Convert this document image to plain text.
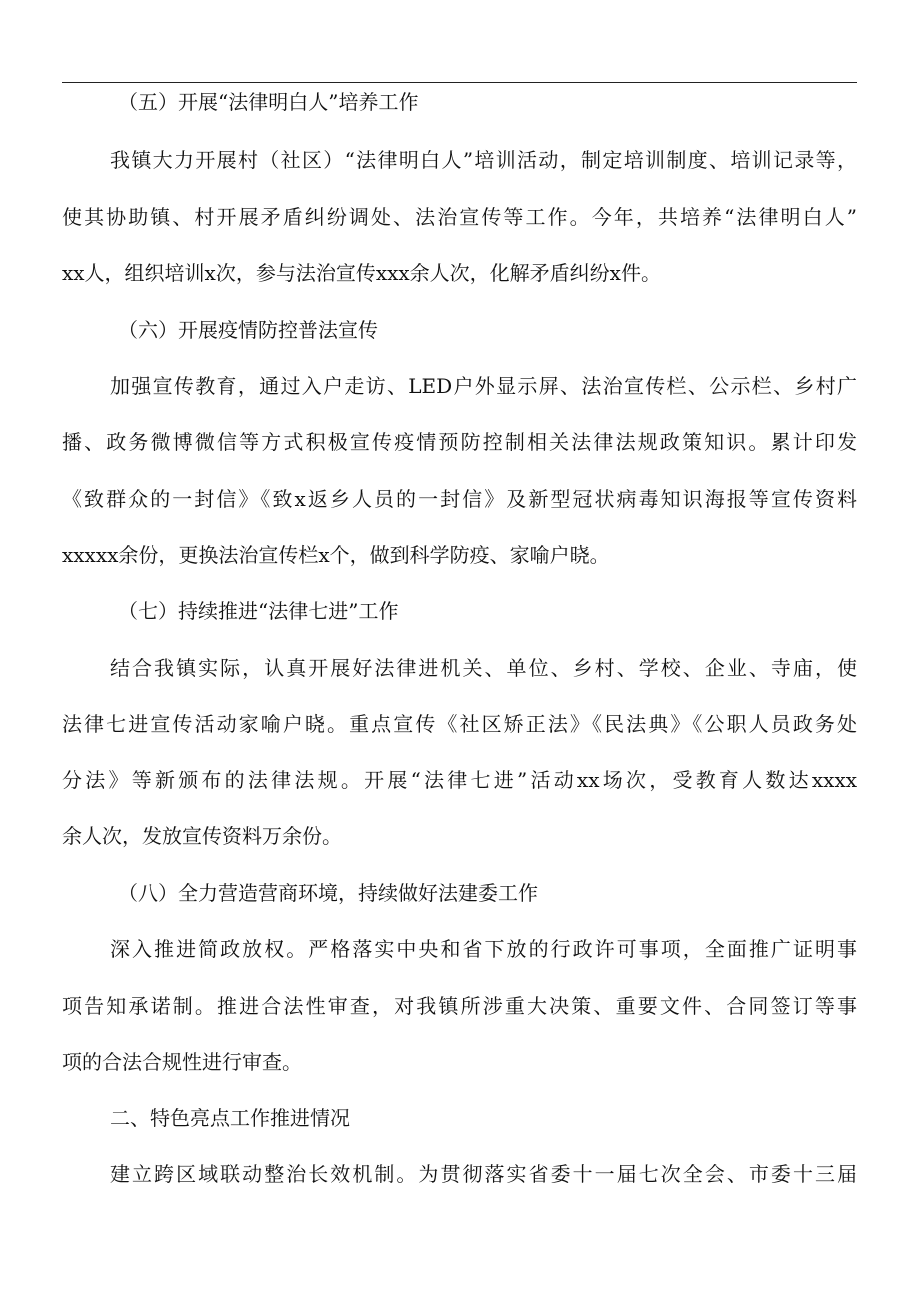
（五）开展“法律明白人”培养工作
我镇大力开展村（社区）“法律明白人”培训活动，制定培训制度、培训记录等，
使其协助镇、村开展矛盾纠纷调处、法治宣传等工作。今年，共培养“法律明白人”
xx人，组织培训x次，参与法治宣传xxx余人次，化解矛盾纠纷x件。
（六）开展疫情防控普法宣传
加强宣传教育，通过入户走访、LED户外显示屏、法治宣传栏、公示栏、乡村广
播、政务微博微信等方式积极宣传疫情预防控制相关法律法规政策知识。累计印发
《致群众的一封信》《致x返乡人员的一封信》及新型冠状病毒知识海报等宣传资料
xxxxx余份，更换法治宣传栏x个，做到科学防疫、家喻户晓。
（七）持续推进“法律七进”工作
结合我镇实际，认真开展好法律进机关、单位、乡村、学校、企业、寺庙，使
法律七进宣传活动家喻户晓。重点宣传《社区矫正法》《民法典》《公职人员政务处
分法》等新颁布的法律法规。开展“法律七进”活动xx场次，受教育人数达xxxx
余人次，发放宣传资料万余份。
（八）全力营造营商环境，持续做好法建委工作
深入推进简政放权。严格落实中央和省下放的行政许可事项，全面推广证明事
项告知承诺制。推进合法性审查，对我镇所涉重大决策、重要文件、合同签订等事
项的合法合规性进行审查。
二、特色亮点工作推进情况
建立跨区域联动整治长效机制。为贯彻落实省委十一届七次全会、市委十三届
